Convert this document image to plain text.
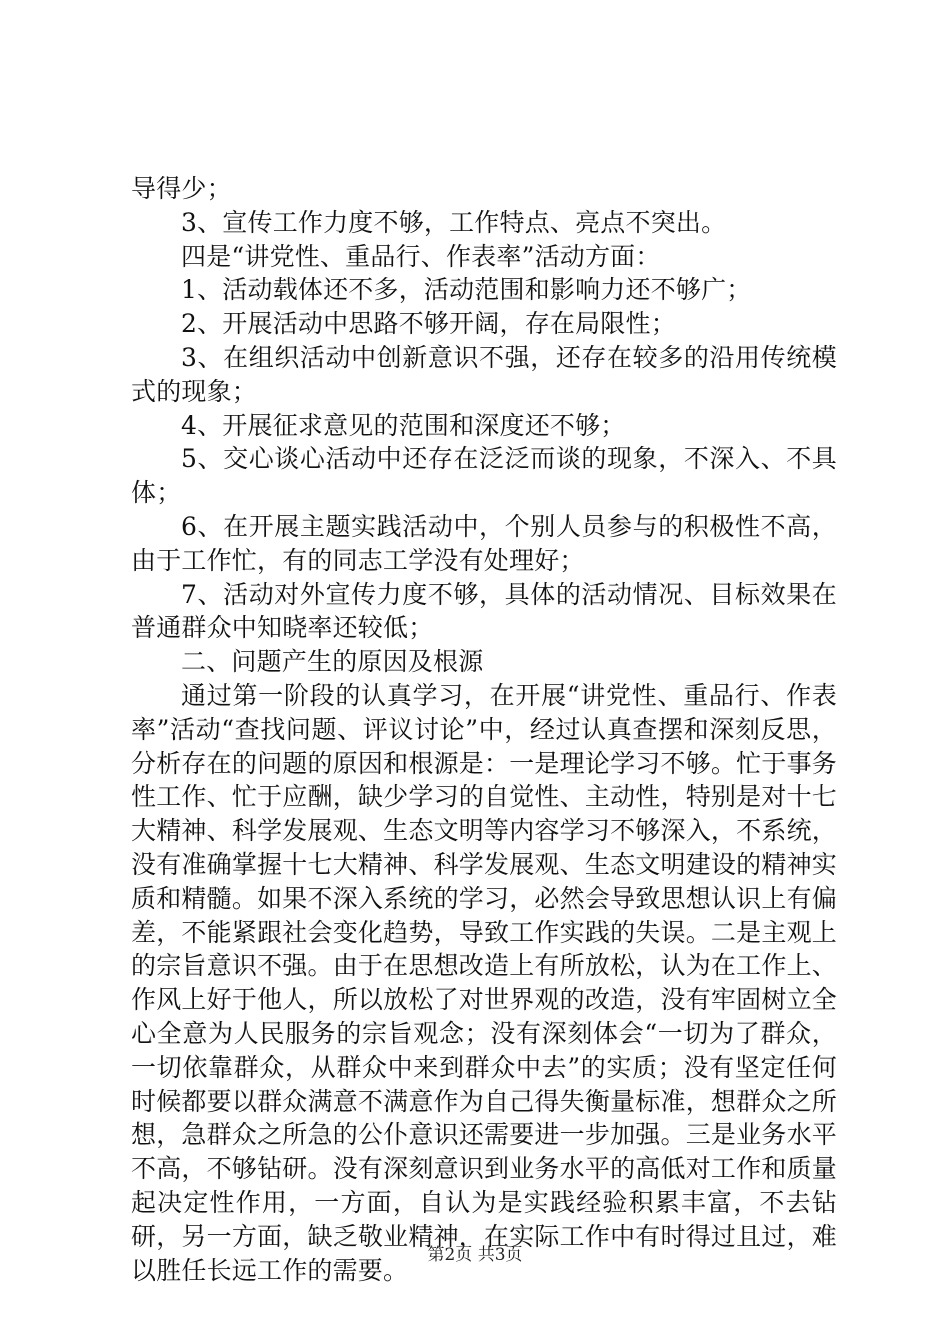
导得少；

3、宣传工作力度不够，工作特点、亮点不突出。

四是“讲党性、重品行、作表率”活动方面：

1、活动载体还不多，活动范围和影响力还不够广；

2、开展活动中思路不够开阔，存在局限性；

3、在组织活动中创新意识不强，还存在较多的沿用传统模式的现象；

4、开展征求意见的范围和深度还不够；

5、交心谈心活动中还存在泛泛而谈的现象，不深入、不具体；

6、在开展主题实践活动中，个别人员参与的积极性不高，由于工作忙，有的同志工学没有处理好；

7、活动对外宣传力度不够，具体的活动情况、目标效果在普通群众中知晓率还较低；

二、问题产生的原因及根源

通过第一阶段的认真学习，在开展“讲党性、重品行、作表率”活动“查找问题、评议讨论”中，经过认真查摆和深刻反思，分析存在的问题的原因和根源是：一是理论学习不够。忙于事务性工作、忙于应酬，缺少学习的自觉性、主动性，特别是对十七大精神、科学发展观、生态文明等内容学习不够深入，不系统，没有准确掌握十七大精神、科学发展观、生态文明建设的精神实质和精髓。如果不深入系统的学习，必然会导致思想认识上有偏差，不能紧跟社会变化趋势，导致工作实践的失误。二是主观上的宗旨意识不强。由于在思想改造上有所放松，认为在工作上、作风上好于他人，所以放松了对世界观的改造，没有牢固树立全心全意为人民服务的宗旨观念；没有深刻体会“一切为了群众，一切依靠群众，从群众中来到群众中去”的实质；没有坚定任何时候都要以群众满意不满意作为自己得失衡量标准，想群众之所想，急群众之所急的公仆意识还需要进一步加强。三是业务水平不高，不够钻研。没有深刻意识到业务水平的高低对工作和质量起决定性作用，一方面，自认为是实践经验积累丰富，不去钻研，另一方面，缺乏敬业精神，在实际工作中有时得过且过，难以胜任长远工作的需要。

第2页 共3页
